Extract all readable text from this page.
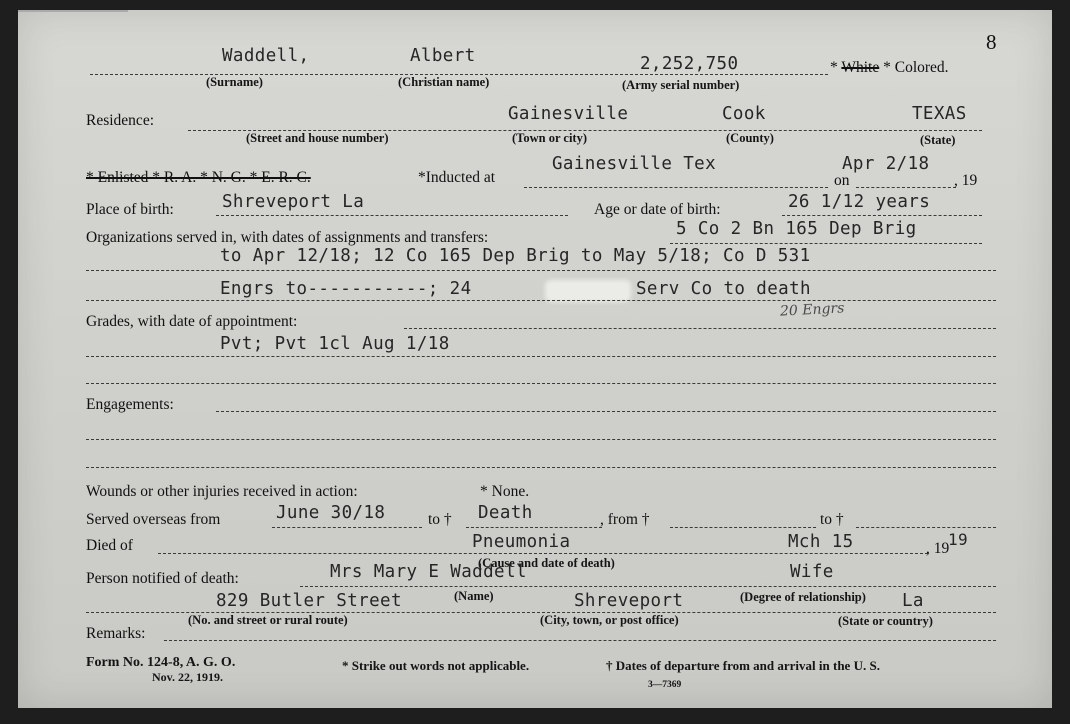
8
Waddell,	Albert	2,252,750
(Surname)	(Christian name)	(Army serial number)
* White * Colored.
Residence:	Gainesville	Cook	TEXAS
(Street and house number)	(Town or city)	(County)	(State)
* Enlisted * R. A. * N. G. * E. R. C.	*Inducted at
Gainesville Tex	Apr 2/18
on	, 19
Place of birth:	Shreveport La	Age or date of birth:	26 1/12 years
Organizations served in, with dates of assignments and transfers:	5 Co 2 Bn 165 Dep Brig
to Apr 12/18; 12 Co 165 Dep Brig to May 5/18; Co D 531
Engrs to-----------; 24	Serv Co to death
20 Engrs
Grades, with date of appointment:
Pvt; Pvt 1cl Aug 1/18
Engagements:
Wounds or other injuries received in action:	* None.
Served overseas from	June 30/18	to † Death	, from †	to †
Died of	Pneumonia	Mch 15	, 19
19
(Cause and date of death)
Person notified of death:	Mrs Mary E Waddell	Wife
(Name)	(Degree of relationship)
829 Butler Street	Shreveport	La
(No. and street or rural route)	(City, town, or post office)	(State or country)
Remarks:
Form No. 124-8, A. G. O.
Nov. 22, 1919.
* Strike out words not applicable.	† Dates of departure from and arrival in the U. S.
3—7369
